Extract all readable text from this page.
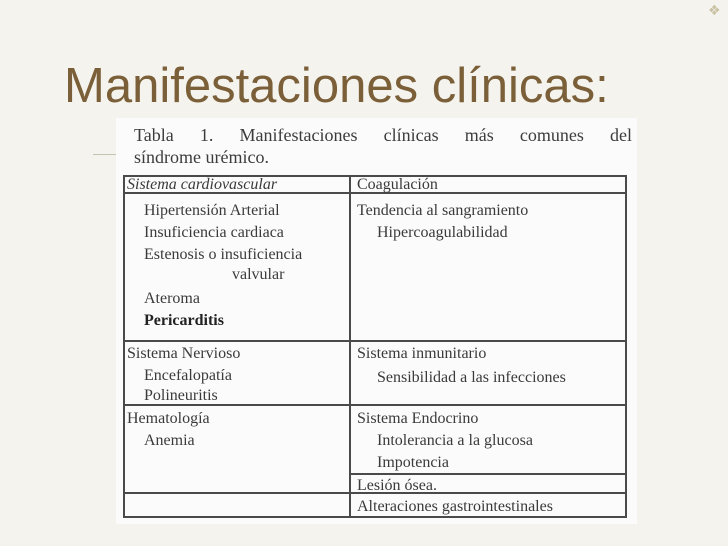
❖
Manifestaciones clínicas:
Tabla 1. Manifestaciones clínicas más comunes del
síndrome urémico.
Sistema cardiovascular
Hipertensión Arterial
Insuficiencia cardiaca
Estenosis o insuficiencia
valvular
Ateroma
Pericarditis
Coagulación
Tendencia al sangramiento
Hipercoagulabilidad
Sistema Nervioso
Encefalopatía
Polineuritis
Sistema inmunitario
Sensibilidad a las infecciones
Hematología
Anemia
Sistema Endocrino
Intolerancia a la glucosa
Impotencia
Lesión ósea.
Alteraciones gastrointestinales
